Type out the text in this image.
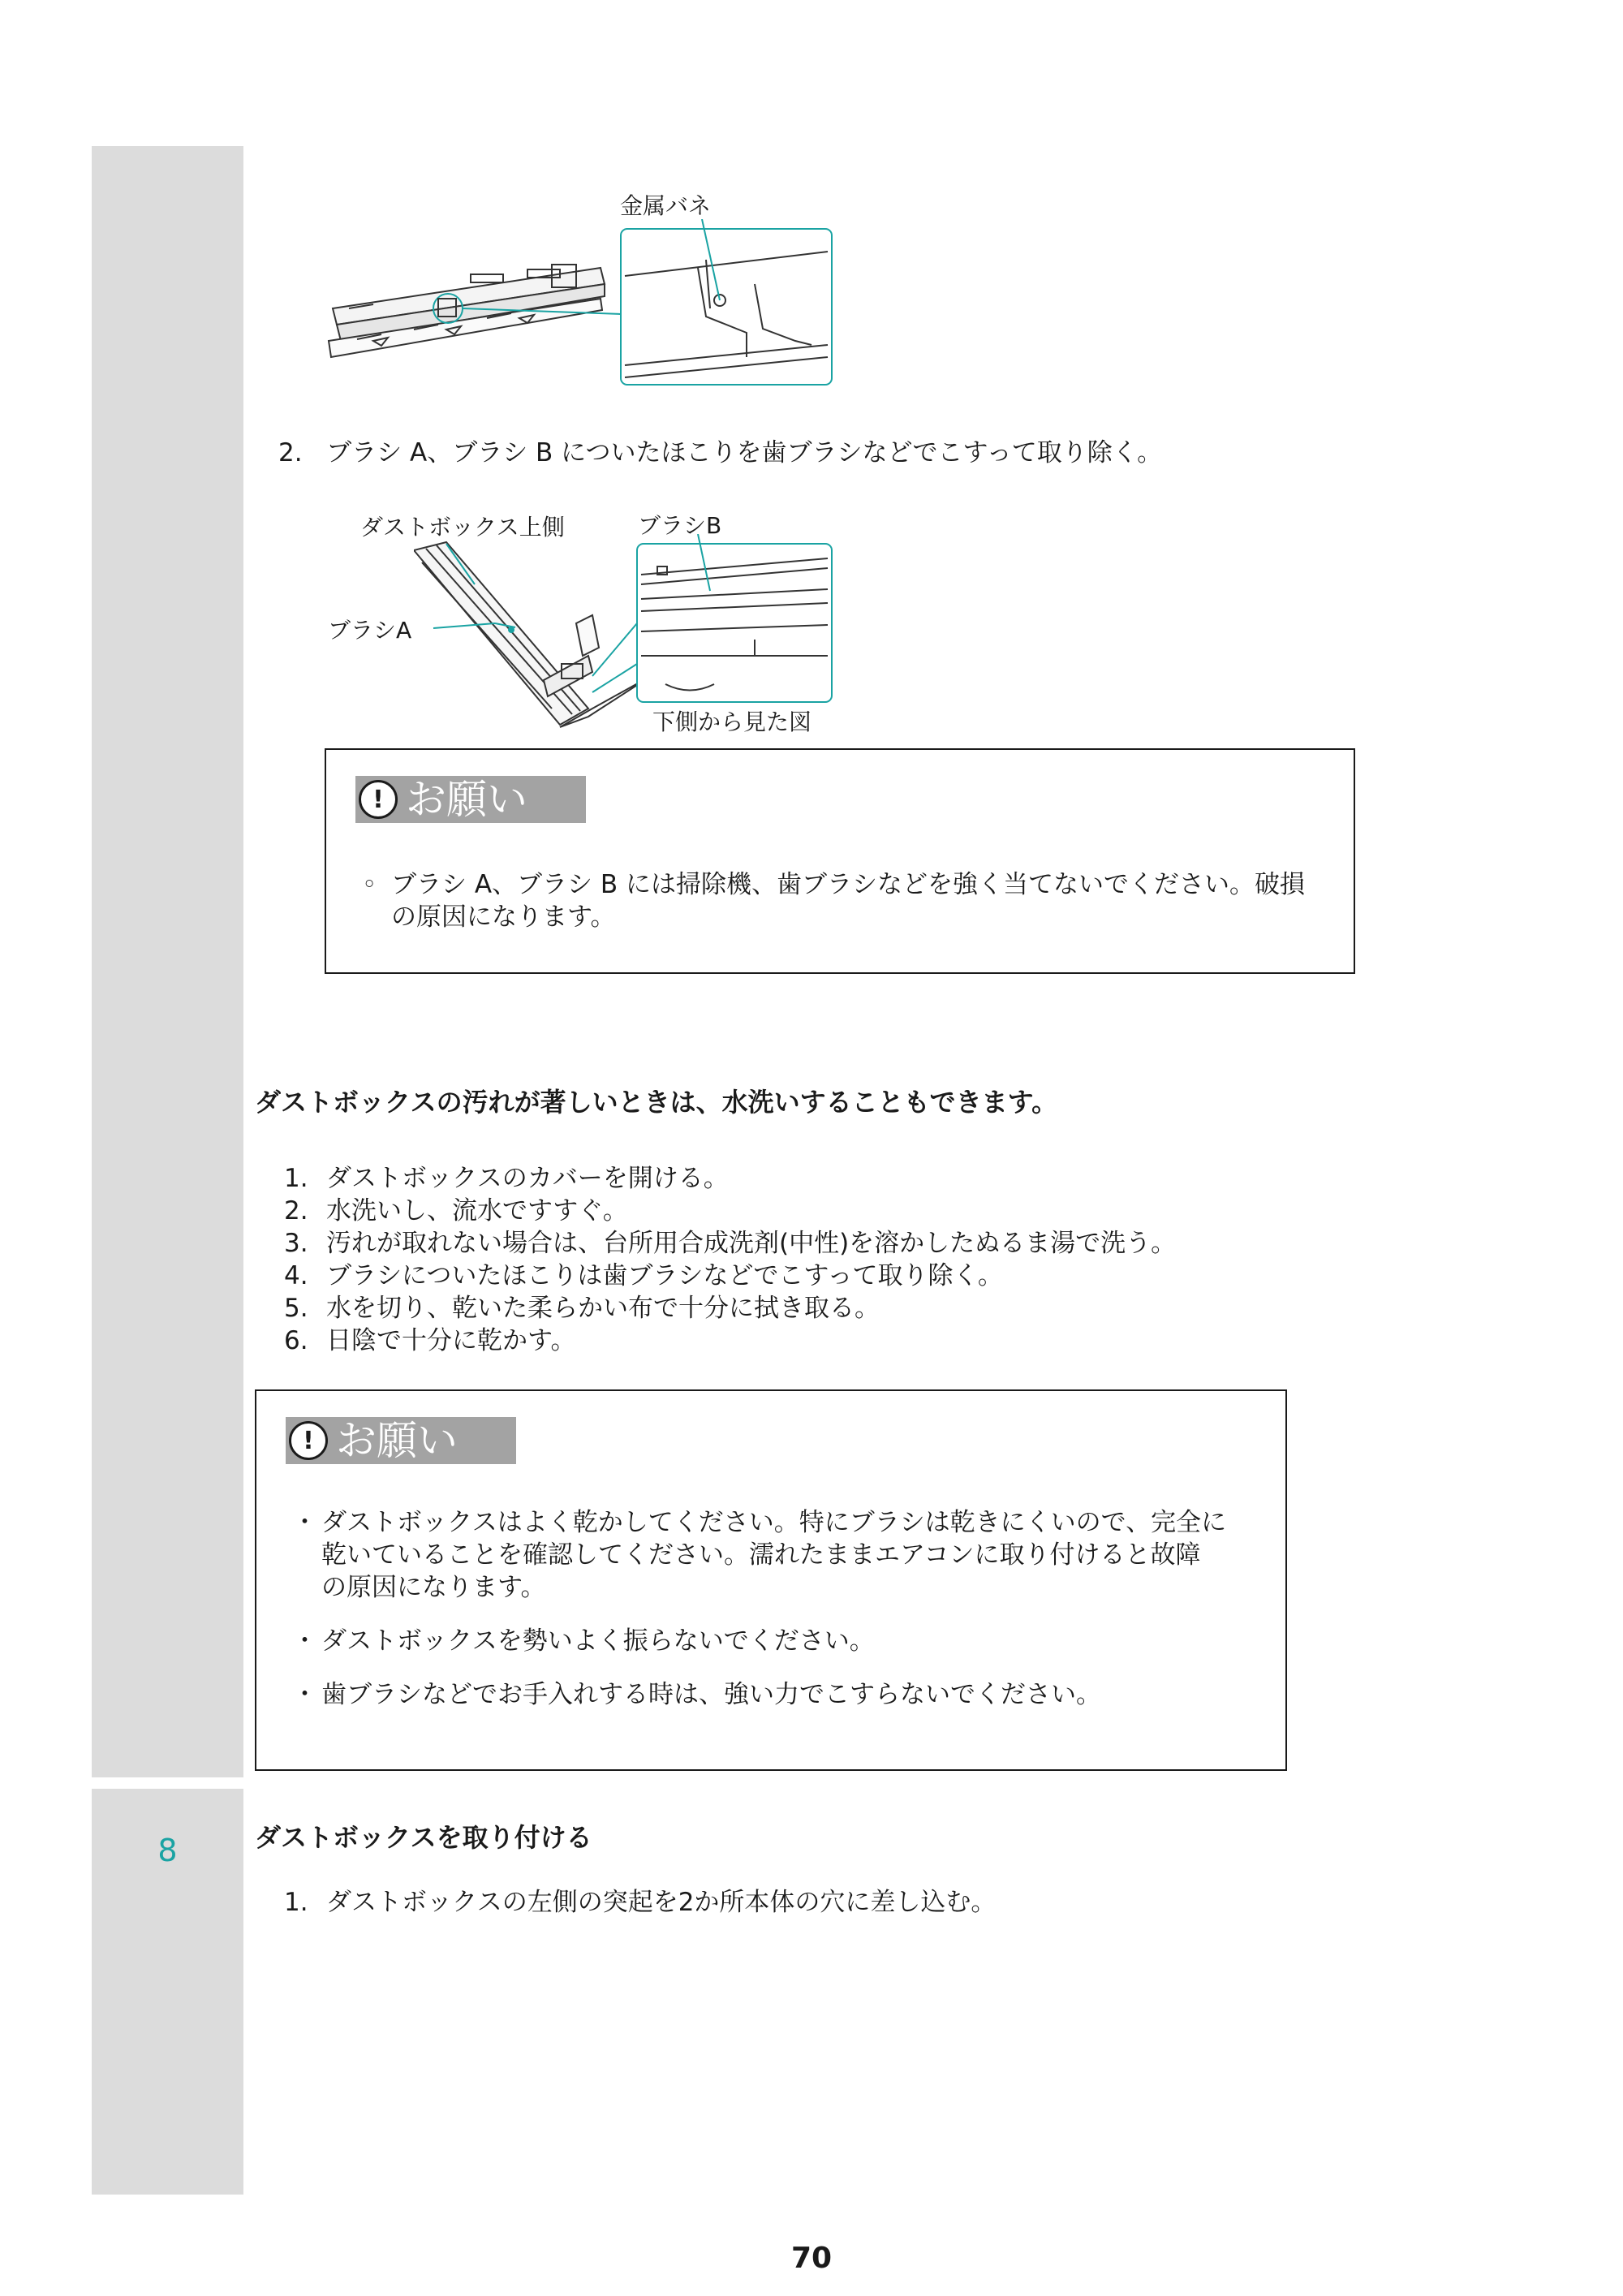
8
金属バネ
2. ブラシ A、ブラシ B についたほこりを歯ブラシなどでこすって取り除く。
ダストボックス上側	ブラシB
ブラシA
下側から見た図
! お願い
◦ ブラシ A、ブラシ B には掃除機、歯ブラシなどを強く当てないでください。破損
の原因になります。
ダストボックスの汚れが著しいときは、水洗いすることもできます。
1. ダストボックスのカバーを開ける。
2. 水洗いし、流水ですすぐ。
3. 汚れが取れない場合は、台所用合成洗剤(中性)を溶かしたぬるま湯で洗う。
4. ブラシについたほこりは歯ブラシなどでこすって取り除く。
5. 水を切り、乾いた柔らかい布で十分に拭き取る。
6. 日陰で十分に乾かす。
! お願い
・ ダストボックスはよく乾かしてください。特にブラシは乾きにくいので、完全に
乾いていることを確認してください。濡れたままエアコンに取り付けると故障
の原因になります。
・ ダストボックスを勢いよく振らないでください。
・ 歯ブラシなどでお手入れする時は、強い力でこすらないでください。
ダストボックスを取り付ける
1. ダストボックスの左側の突起を2か所本体の穴に差し込む。
70
